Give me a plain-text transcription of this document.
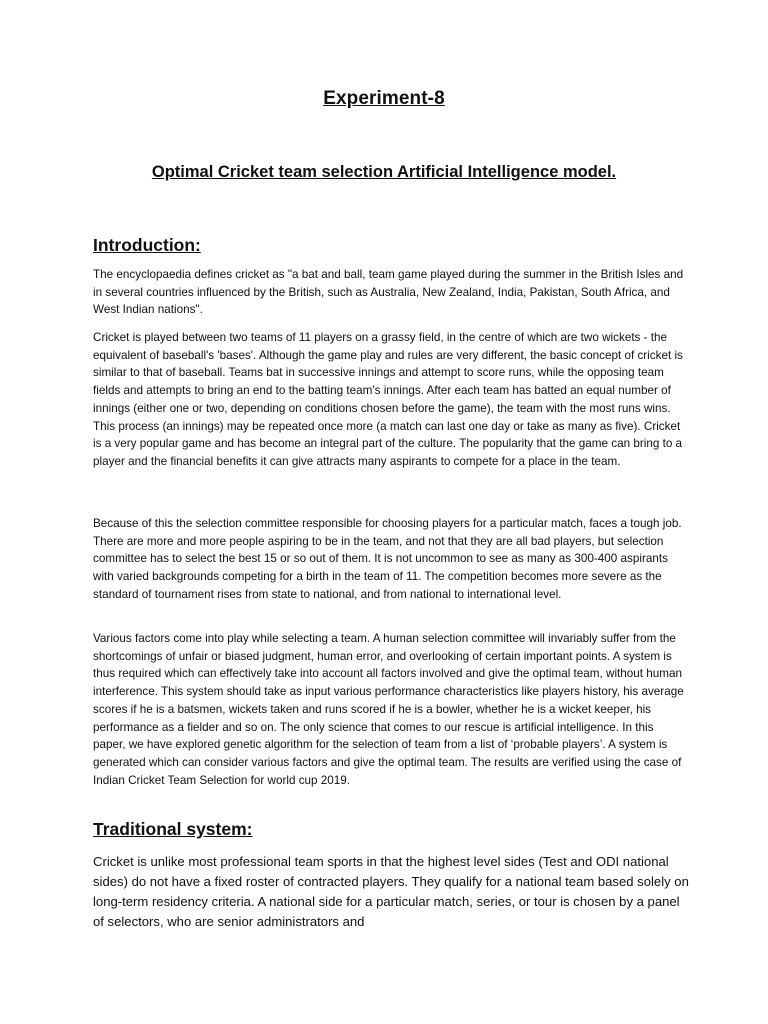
Experiment-8
Optimal Cricket team selection Artificial Intelligence model.
Introduction:

The encyclopaedia defines cricket as "a bat and ball, team game played during the summer in the British Isles and in several countries influenced by the British, such as Australia, New Zealand, India, Pakistan, South Africa, and West Indian nations".

Cricket is played between two teams of 11 players on a grassy field, in the centre of which are two wickets - the equivalent of baseball's 'bases'. Although the game play and rules are very different, the basic concept of cricket is similar to that of baseball. Teams bat in successive innings and attempt to score runs, while the opposing team fields and attempts to bring an end to the batting team's innings. After each team has batted an equal number of innings (either one or two, depending on conditions chosen before the game), the team with the most runs wins. This process (an innings) may be repeated once more (a match can last one day or take as many as five). Cricket is a very popular game and has become an integral part of the culture. The popularity that the game can bring to a player and the financial benefits it can give attracts many aspirants to compete for a place in the team.

Because of this the selection committee responsible for choosing players for a particular match, faces a tough job. There are more and more people aspiring to be in the team, and not that they are all bad players, but selection committee has to select the best 15 or so out of them. It is not uncommon to see as many as 300-400 aspirants with varied backgrounds competing for a birth in the team of 11. The competition becomes more severe as the standard of tournament rises from state to national, and from national to international level.

Various factors come into play while selecting a team. A human selection committee will invariably suffer from the shortcomings of unfair or biased judgment, human error, and overlooking of certain important points. A system is thus required which can effectively take into account all factors involved and give the optimal team, without human interference. This system should take as input various performance characteristics like players history, his average scores if he is a batsmen, wickets taken and runs scored if he is a bowler, whether he is a wicket keeper, his performance as a fielder and so on. The only science that comes to our rescue is artificial intelligence. In this paper, we have explored genetic algorithm for the selection of team from a list of ‘probable players’. A system is generated which can consider various factors and give the optimal team. The results are verified using the case of Indian Cricket Team Selection for world cup 2019.

Traditional system:

Cricket is unlike most professional team sports in that the highest level sides (Test and ODI national sides) do not have a fixed roster of contracted players. They qualify for a national team based solely on long-term residency criteria. A national side for a particular match, series, or tour is chosen by a panel of selectors, who are senior administrators and
